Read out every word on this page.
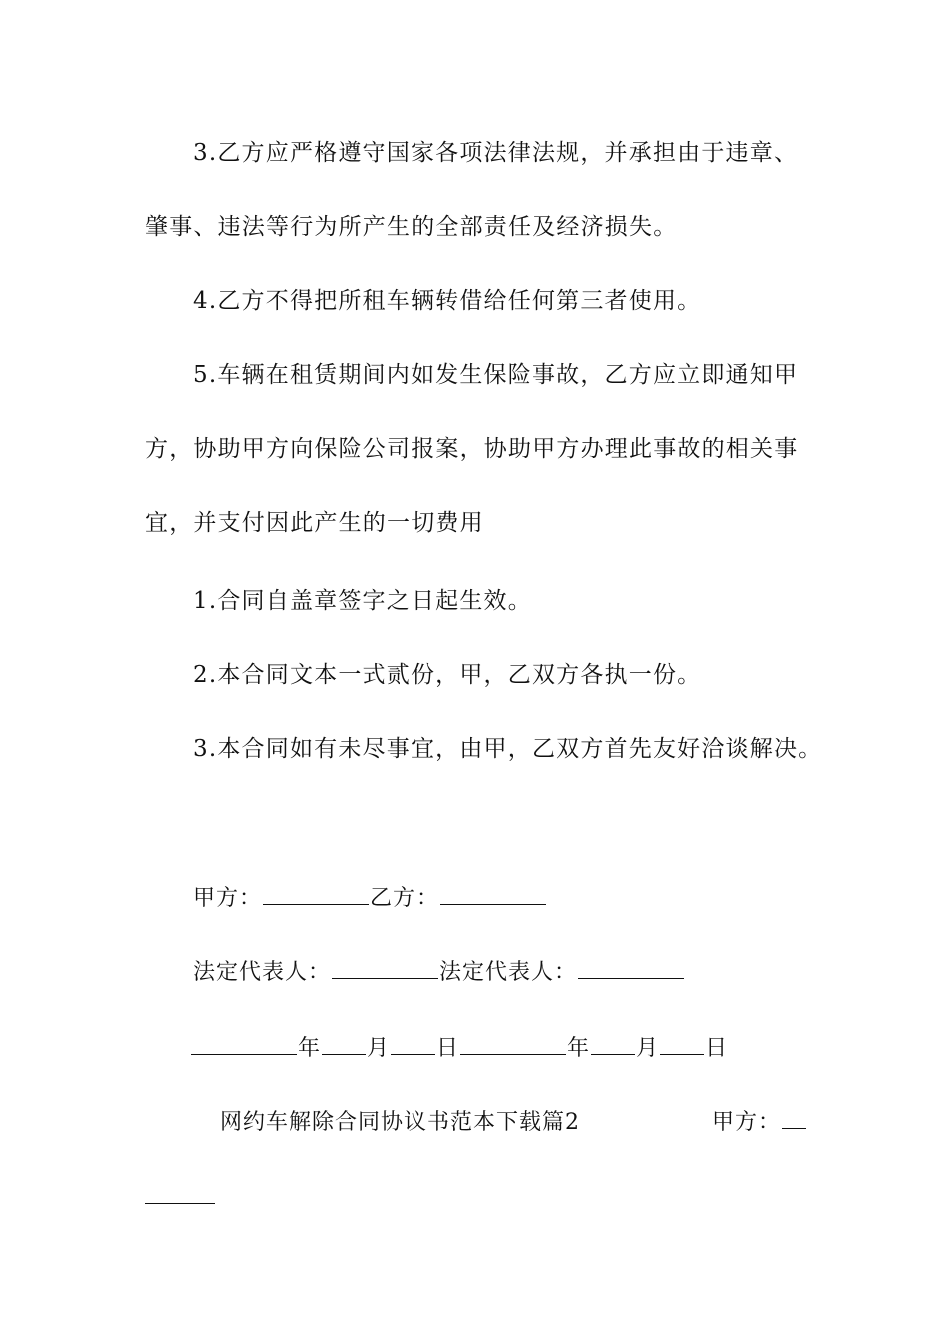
3.乙方应严格遵守国家各项法律法规，并承担由于违章、
肇事、违法等行为所产生的全部责任及经济损失。
4.乙方不得把所租车辆转借给任何第三者使用。
5.车辆在租赁期间内如发生保险事故，乙方应立即通知甲
方，协助甲方向保险公司报案，协助甲方办理此事故的相关事
宜，并支付因此产生的一切费用
1.合同自盖章签字之日起生效。
2.本合同文本一式贰份，甲，乙双方各执一份。
3.本合同如有未尽事宜，由甲，乙双方首先友好洽谈解决。
甲方：	乙方：
法定代表人：	法定代表人：
年 月 日	年 月 日
网约车解除合同协议书范本下载篇2	甲方：
